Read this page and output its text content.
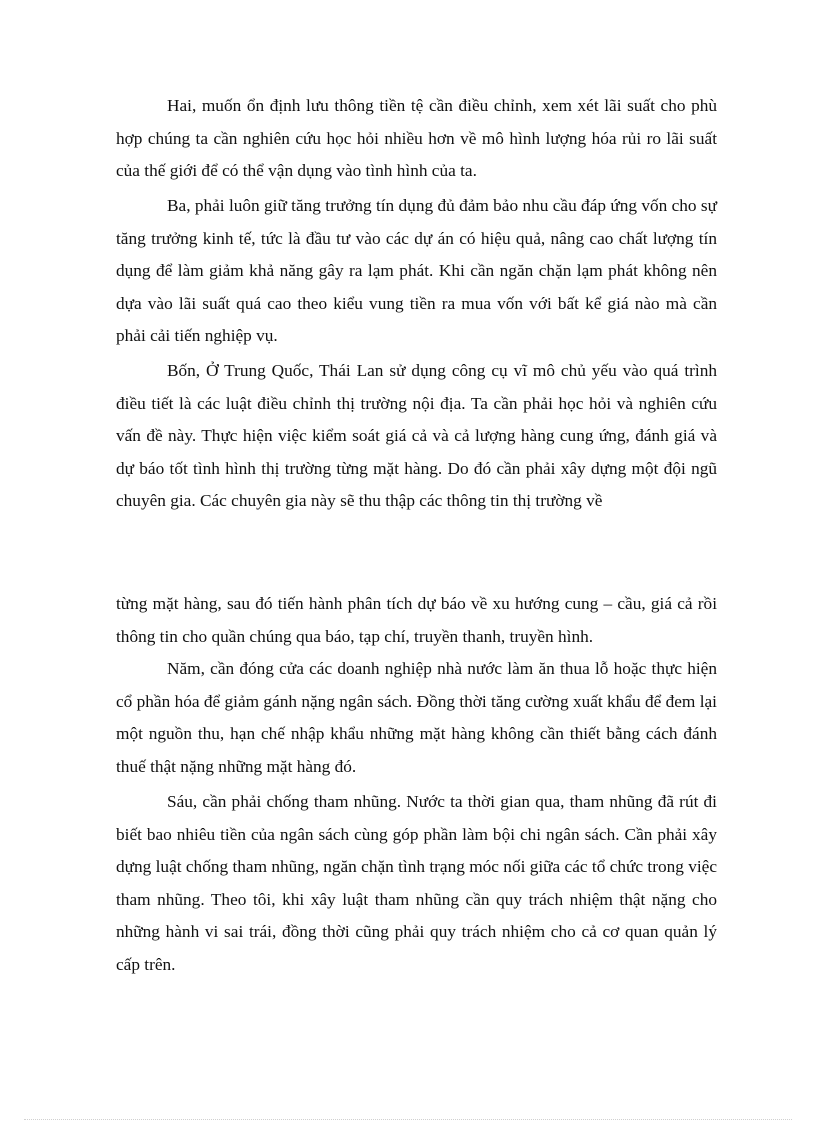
Hai, muốn ổn định lưu thông tiền tệ cần điều chỉnh, xem xét lãi suất cho phù hợp chúng ta cần nghiên cứu học hỏi nhiều hơn về mô hình lượng hóa rủi ro lãi suất của thế giới để có thể vận dụng vào tình hình của ta.

Ba, phải luôn giữ tăng trưởng tín dụng đủ đảm bảo nhu cầu đáp ứng vốn cho sự tăng trưởng kinh tế, tức là đầu tư vào các dự án có hiệu quả, nâng cao chất lượng tín dụng để làm giảm khả năng gây ra lạm phát. Khi cần ngăn chặn lạm phát không nên dựa vào lãi suất quá cao theo kiểu vung tiền ra mua vốn với bất kể giá nào mà cần phải cải tiến nghiệp vụ.

Bốn, Ở Trung Quốc, Thái Lan sử dụng công cụ vĩ mô chủ yếu vào quá trình điều tiết là các luật điều chỉnh thị trường nội địa. Ta cần phải học hỏi và nghiên cứu vấn đề này. Thực hiện việc kiểm soát giá cả và cả lượng hàng cung ứng, đánh giá và dự báo tốt tình hình thị trường từng mặt hàng. Do đó cần phải xây dựng một đội ngũ chuyên gia. Các chuyên gia này sẽ thu thập các thông tin thị trường về

từng mặt hàng, sau đó tiến hành phân tích dự báo về xu hướng cung – cầu, giá cả rồi thông tin cho quần chúng qua báo, tạp chí, truyền thanh, truyền hình.

Năm, cần đóng cửa các doanh nghiệp nhà nước làm ăn thua lỗ hoặc thực hiện cổ phần hóa để giảm gánh nặng ngân sách. Đồng thời tăng cường xuất khẩu để đem lại một nguồn thu, hạn chế nhập khẩu những mặt hàng không cần thiết bằng cách đánh thuế thật nặng những mặt hàng đó.

Sáu, cần phải chống tham nhũng. Nước ta thời gian qua, tham nhũng đã rút đi biết bao nhiêu tiền của ngân sách cùng góp phần làm bội chi ngân sách. Cần phải xây dựng luật chống tham nhũng, ngăn chặn tình trạng móc nối giữa các tổ chức trong việc tham nhũng. Theo tôi, khi xây luật tham nhũng cần quy trách nhiệm thật nặng cho những hành vi sai trái, đồng thời cũng phải quy trách nhiệm cho cả cơ quan quản lý cấp trên.
